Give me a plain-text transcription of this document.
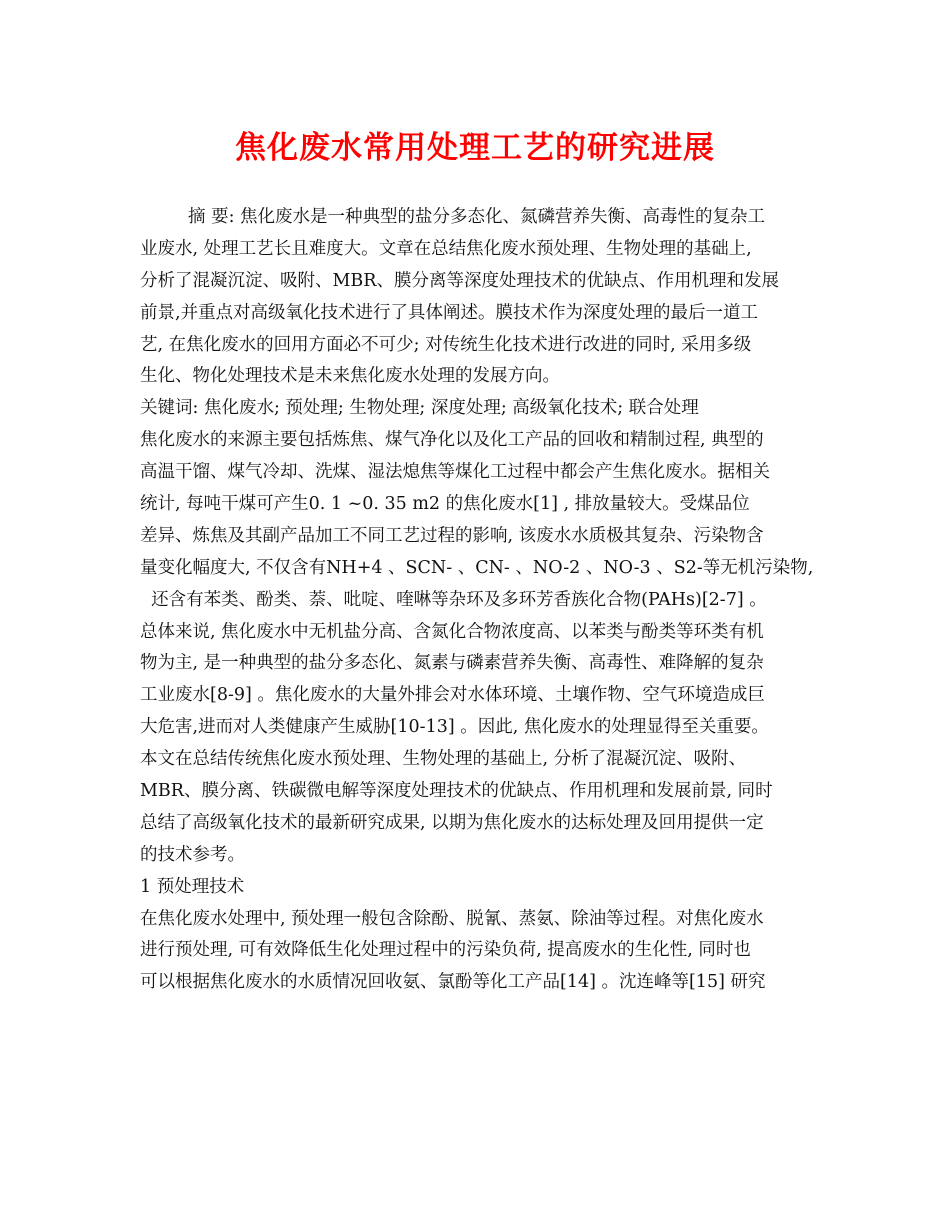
焦化废水常用处理工艺的研究进展
摘 要: 焦化废水是一种典型的盐分多态化、氮磷营养失衡、高毒性的复杂工
业废水, 处理工艺长且难度大。文章在总结焦化废水预处理、生物处理的基础上,
分析了混凝沉淀、吸附、MBR、膜分离等深度处理技术的优缺点、作用机理和发展
前景,并重点对高级氧化技术进行了具体阐述。膜技术作为深度处理的最后一道工
艺, 在焦化废水的回用方面必不可少; 对传统生化技术进行改进的同时, 采用多级
生化、物化处理技术是未来焦化废水处理的发展方向。
关键词: 焦化废水; 预处理; 生物处理; 深度处理; 高级氧化技术; 联合处理
焦化废水的来源主要包括炼焦、煤气净化以及化工产品的回收和精制过程, 典型的
高温干馏、煤气冷却、洗煤、湿法熄焦等煤化工过程中都会产生焦化废水。据相关
统计, 每吨干煤可产生0. 1 ~0. 35 m2 的焦化废水[1] , 排放量较大。受煤品位
差异、炼焦及其副产品加工不同工艺过程的影响, 该废水水质极其复杂、污染物含
量变化幅度大, 不仅含有NH+4 、SCN- 、CN- 、NO-2 、NO-3 、S2-等无机污染物,
还含有苯类、酚类、萘、吡啶、喹啉等杂环及多环芳香族化合物(PAHs)[2-7] 。
总体来说, 焦化废水中无机盐分高、含氮化合物浓度高、以苯类与酚类等环类有机
物为主, 是一种典型的盐分多态化、氮素与磷素营养失衡、高毒性、难降解的复杂
工业废水[8-9] 。焦化废水的大量外排会对水体环境、土壤作物、空气环境造成巨
大危害,进而对人类健康产生威胁[10-13] 。因此, 焦化废水的处理显得至关重要。
本文在总结传统焦化废水预处理、生物处理的基础上, 分析了混凝沉淀、吸附、
MBR、膜分离、铁碳微电解等深度处理技术的优缺点、作用机理和发展前景, 同时
总结了高级氧化技术的最新研究成果, 以期为焦化废水的达标处理及回用提供一定
的技术参考。
1 预处理技术
在焦化废水处理中, 预处理一般包含除酚、脱氰、蒸氨、除油等过程。对焦化废水
进行预处理, 可有效降低生化处理过程中的污染负荷, 提高废水的生化性, 同时也
可以根据焦化废水的水质情况回收氨、氯酚等化工产品[14] 。沈连峰等[15] 研究
